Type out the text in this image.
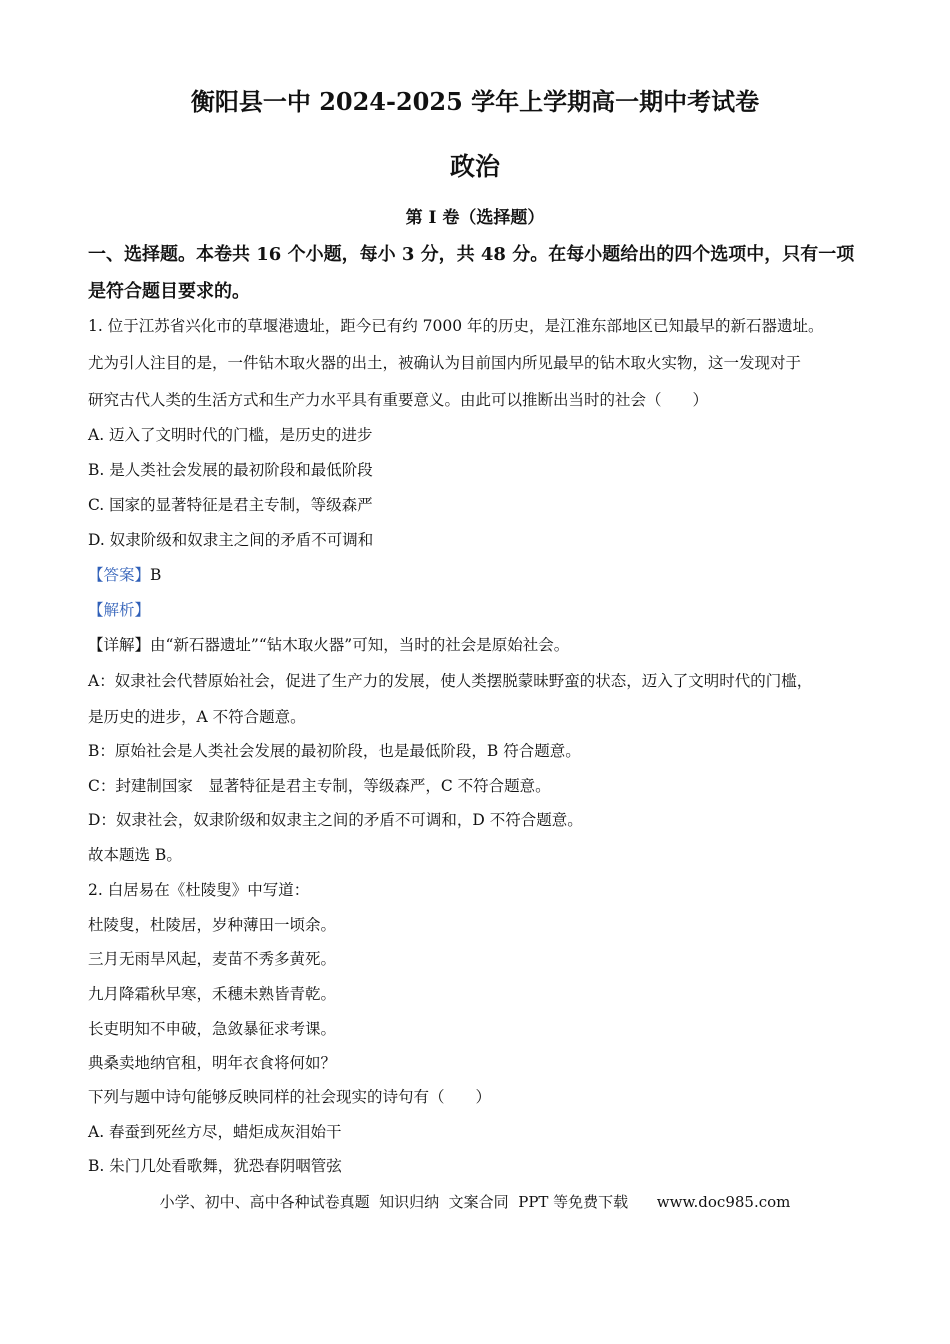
衡阳县一中 2024-2025 学年上学期高一期中考试卷
政治
第 I 卷（选择题）
一、选择题。本卷共 16 个小题，每小 3 分，共 48 分。在每小题给出的四个选项中，只有一项
是符合题目要求的。
1. 位于江苏省兴化市的草堰港遗址，距今已有约 7000 年的历史，是江淮东部地区已知最早的新石器遗址。
尤为引人注目的是，一件钻木取火器的出土，被确认为目前国内所见最早的钻木取火实物，这一发现对于
研究古代人类的生活方式和生产力水平具有重要意义。由此可以推断出当时的社会（　　）
A. 迈入了文明时代的门槛，是历史的进步
B. 是人类社会发展的最初阶段和最低阶段
C. 国家的显著特征是君主专制，等级森严
D. 奴隶阶级和奴隶主之间的矛盾不可调和
【答案】B
【解析】
【详解】由“新石器遗址”“钻木取火器”可知，当时的社会是原始社会。
A：奴隶社会代替原始社会，促进了生产力的发展，使人类摆脱蒙昧野蛮的状态，迈入了文明时代的门槛，
是历史的进步，A 不符合题意。
B：原始社会是人类社会发展的最初阶段，也是最低阶段，B 符合题意。
C：封建制国家　显著特征是君主专制，等级森严，C 不符合题意。
D：奴隶社会，奴隶阶级和奴隶主之间的矛盾不可调和，D 不符合题意。
故本题选 B。
2. 白居易在《杜陵叟》中写道：
杜陵叟，杜陵居，岁种薄田一顷余。
三月无雨旱风起，麦苗不秀多黄死。
九月降霜秋早寒，禾穗未熟皆青乾。
长吏明知不申破，急敛暴征求考课。
典桑卖地纳官租，明年衣食将何如？
下列与题中诗句能够反映同样的社会现实的诗句有（　　）
A. 春蚕到死丝方尽，蜡炬成灰泪始干
B. 朱门几处看歌舞，犹恐春阴咽管弦
小学、初中、高中各种试卷真题  知识归纳  文案合同  PPT 等免费下载      www.doc985.com
